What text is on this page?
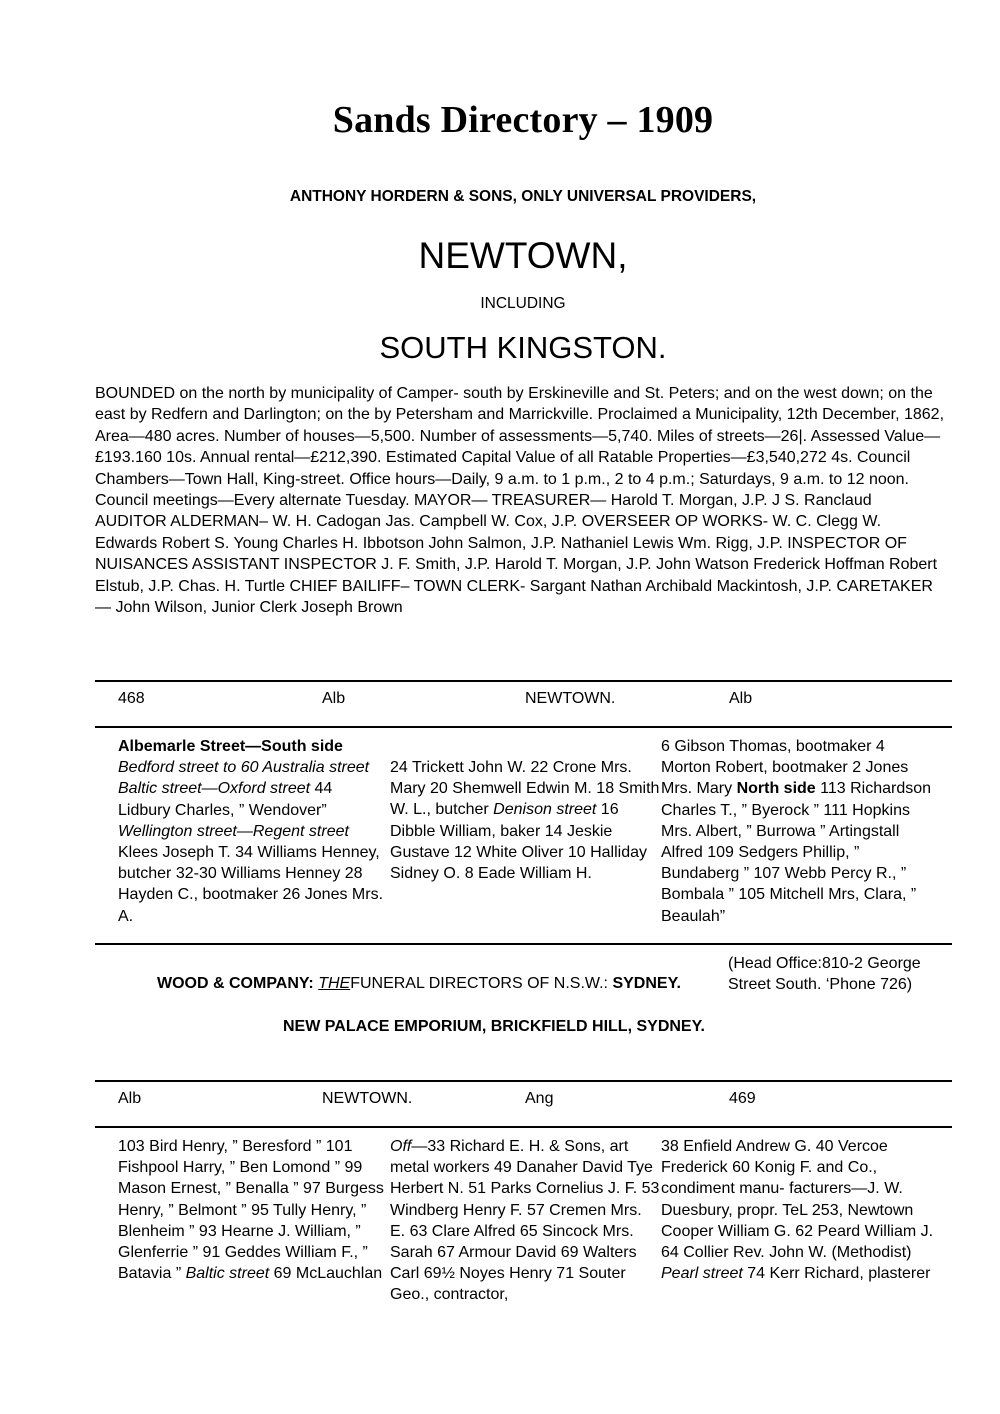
Sands Directory – 1909
ANTHONY HORDERN & SONS, ONLY UNIVERSAL PROVIDERS,
NEWTOWN,
INCLUDING
SOUTH KINGSTON.
BOUNDED on the north by municipality of Camper- south by Erskineville and St. Peters; and on the west down; on the east by Redfern and Darlington; on the by Petersham and Marrickville. Proclaimed a Municipality, 12th December, 1862, Area—480 acres. Number of houses—5,500. Number of assessments—5,740. Miles of streets—26|. Assessed Value—£193.160 10s. Annual rental—£212,390. Estimated Capital Value of all Ratable Properties—£3,540,272 4s. Council Chambers—Town Hall, King-street. Office hours—Daily, 9 a.m. to 1 p.m., 2 to 4 p.m.; Saturdays, 9 a.m. to 12 noon. Council meetings—Every alternate Tuesday. MAYOR— TREASURER— Harold T. Morgan, J.P. J S. Ranclaud AUDITOR ALDERMAN– W. H. Cadogan Jas. Campbell W. Cox, J.P. OVERSEER OP WORKS- W. C. Clegg W. Edwards Robert S. Young Charles H. Ibbotson John Salmon, J.P. Nathaniel Lewis Wm. Rigg, J.P. INSPECTOR OF NUISANCES ASSISTANT INSPECTOR J. F. Smith, J.P. Harold T. Morgan, J.P. John Watson Frederick Hoffman Robert Elstub, J.P. Chas. H. Turtle CHIEF BAILIFF– TOWN CLERK- Sargant Nathan Archibald Mackintosh, J.P. CARETAKER— John Wilson, Junior Clerk Joseph Brown
468	Alb	NEWTOWN.	Alb
Albemarle Street—South side Bedford street to 60 Australia street Baltic street—Oxford street 44 Lidbury Charles, ” Wendover” Wellington street—Regent street Klees Joseph T. 34 Williams Henney, butcher 32-30 Williams Henney 28 Hayden C., bootmaker 26 Jones Mrs. A.
24 Trickett John W. 22 Crone Mrs. Mary 20 Shemwell Edwin M. 18 Smith W. L., butcher Denison street 16 Dibble William, baker 14 Jeskie Gustave 12 White Oliver 10 Halliday Sidney O. 8 Eade William H.
6 Gibson Thomas, bootmaker 4 Morton Robert, bootmaker 2 Jones Mrs. Mary North side 113 Richardson Charles T., ” Byerock ” 111 Hopkins Mrs. Albert, ” Burrowa ” Artingstall Alfred 109 Sedgers Phillip, ” Bundaberg ” 107 Webb Percy R., ” Bombala ” 105 Mitchell Mrs, Clara, ” Beaulah”
WOOD & COMPANY: THEFUNERAL DIRECTORS OF N.S.W.: SYDNEY.
(Head Office:810-2 George Street South. ‘Phone 726)
NEW PALACE EMPORIUM, BRICKFIELD HILL, SYDNEY.
Alb	NEWTOWN.	Ang	469
103 Bird Henry, ” Beresford ” 101 Fishpool Harry, ” Ben Lomond ” 99 Mason Ernest, ” Benalla ” 97 Burgess Henry, ” Belmont ” 95 Tully Henry, ” Blenheim ” 93 Hearne J. William, ” Glenferrie ” 91 Geddes William F., ” Batavia ” Baltic street 69 McLauchlan
Off—33 Richard E. H. & Sons, art metal workers 49 Danaher David Tye Herbert N. 51 Parks Cornelius J. F. 53 Windberg Henry F. 57 Cremen Mrs. E. 63 Clare Alfred 65 Sincock Mrs. Sarah 67 Armour David 69 Walters Carl 69½ Noyes Henry 71 Souter Geo., contractor,
38 Enfield Andrew G. 40 Vercoe Frederick 60 Konig F. and Co., condiment manu- facturers—J. W. Duesbury, propr. TeL 253, Newtown Cooper William G. 62 Peard William J. 64 Collier Rev. John W. (Methodist) Pearl street 74 Kerr Richard, plasterer
